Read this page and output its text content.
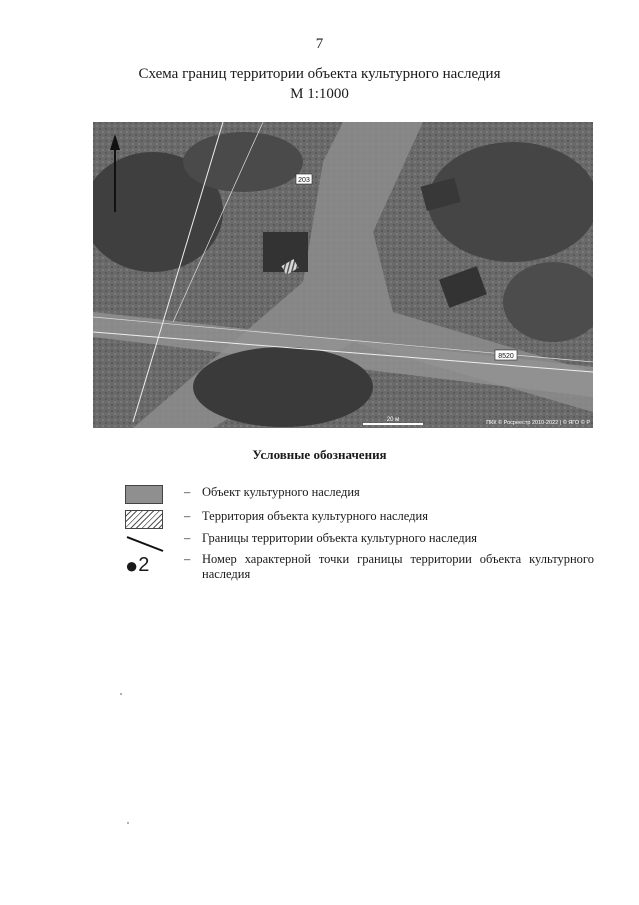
7
Схема границ территории объекта культурного наследия
М 1:1000
203
8520
20 м	ПКК © Росреестр 2010-2022 | © ЯГО © Р
Условные обозначения
– Объект культурного наследия
– Территория объекта культурного наследия
– Границы территории объекта культурного наследия
●2	– Номер характерной точки границы территории объекта культурного наследия
